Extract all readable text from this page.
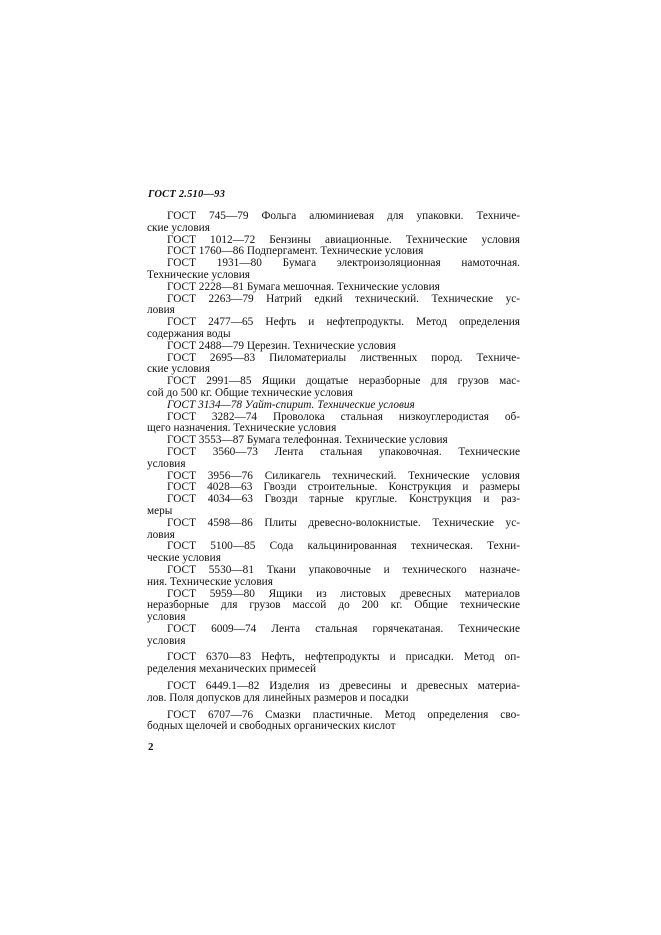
ГОСТ 2.510—93
ГОСТ 745—79 Фольга алюминиевая для упаковки. Техниче-
ские условия
ГОСТ 1012—72 Бензины авиационные. Технические условия
ГОСТ 1760—86 Подпергамент. Технические условия
ГОСТ 1931—80 Бумага электроизоляционная намоточная.
Технические условия
ГОСТ 2228—81 Бумага мешочная. Технические условия
ГОСТ 2263—79 Натрий едкий технический. Технические ус-
ловия
ГОСТ 2477—65 Нефть и нефтепродукты. Метод определения
содержания воды
ГОСТ 2488—79 Церезин. Технические условия
ГОСТ 2695—83 Пиломатериалы лиственных пород. Техниче-
ские условия
ГОСТ 2991—85 Ящики дощатые неразборные для грузов мас-
сой до 500 кг. Общие технические условия
ГОСТ 3134—78 Уайт-спирит. Технические условия
ГОСТ 3282—74 Проволока стальная низкоуглеродистая об-
щего назначения. Технические условия
ГОСТ 3553—87 Бумага телефонная. Технические условия
ГОСТ 3560—73 Лента стальная упаковочная. Технические
условия
ГОСТ 3956—76 Силикагель технический. Технические условия
ГОСТ 4028—63 Гвозди строительные. Конструкция и размеры
ГОСТ 4034—63 Гвозди тарные круглые. Конструкция и раз-
меры
ГОСТ 4598—86 Плиты древесно-волокнистые. Технические ус-
ловия
ГОСТ 5100—85 Сода кальцинированная техническая. Техни-
ческие условия
ГОСТ 5530—81 Ткани упаковочные и технического назначе-
ния. Технические условия
ГОСТ 5959—80 Ящики из листовых древесных материалов
неразборные для грузов массой до 200 кг. Общие технические
условия
ГОСТ 6009—74 Лента стальная горячекатаная. Технические
условия
ГОСТ 6370—83 Нефть, нефтепродукты и присадки. Метод оп-
ределения механических примесей
ГОСТ 6449.1—82 Изделия из древесины и древесных материа-
лов. Поля допусков для линейных размеров и посадки
ГОСТ 6707—76 Смазки пластичные. Метод определения сво-
бодных щелочей и свободных органических кислот
2
